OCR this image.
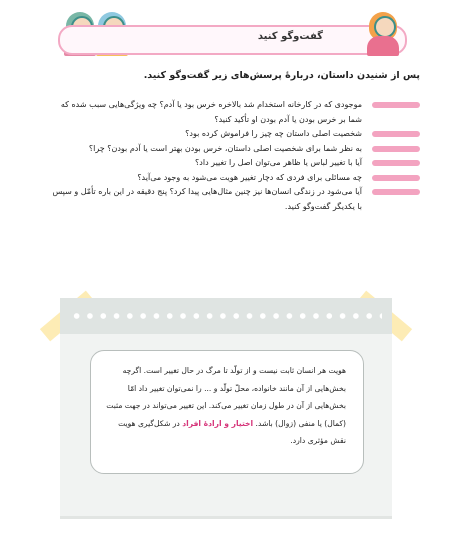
گفت‌وگو کنید
پس از شنیدن داستان، دربارهٔ پرسش‌های زیر گفت‌وگو کنید.
موجودی که در کارخانه استخدام شد بالاخره خرس بود یا آدم؟ چه ویژگی‌هایی سبب شده که شما بر خرس بودن یا آدم بودن او تأکید کنید؟
شخصیت اصلی داستان چه چیز را فراموش کرده بود؟
به نظر شما برای شخصیت اصلی داستان، خرس بودن بهتر است یا آدم بودن؟ چرا؟
آیا با تغییر لباس یا ظاهر می‌توان اصل را تغییر داد؟
چه مسائلی برای فردی که دچار تغییر هویت می‌شود به وجود می‌آید؟
آیا می‌شود در زندگی انسان‌ها نیز چنین مثال‌هایی پیدا کرد؟ پنج دقیقه در این باره تأمّل و سپس با یکدیگر گفت‌وگو کنید.
هویت هر انسان ثابت نیست و از تولّد تا مرگ در حال تغییر است. اگرچه بخش‌هایی از آن مانند خانواده، محلّ تولّد و ... را نمی‌توان تغییر داد امّا بخش‌هایی از آن در طول زمان تغییر می‌کند. این تغییر می‌تواند در جهت مثبت (کمال) یا منفی (زوال) باشد. اختیار و ارادهٔ افراد در شکل‌گیری هویت نقش مؤثری دارد.
